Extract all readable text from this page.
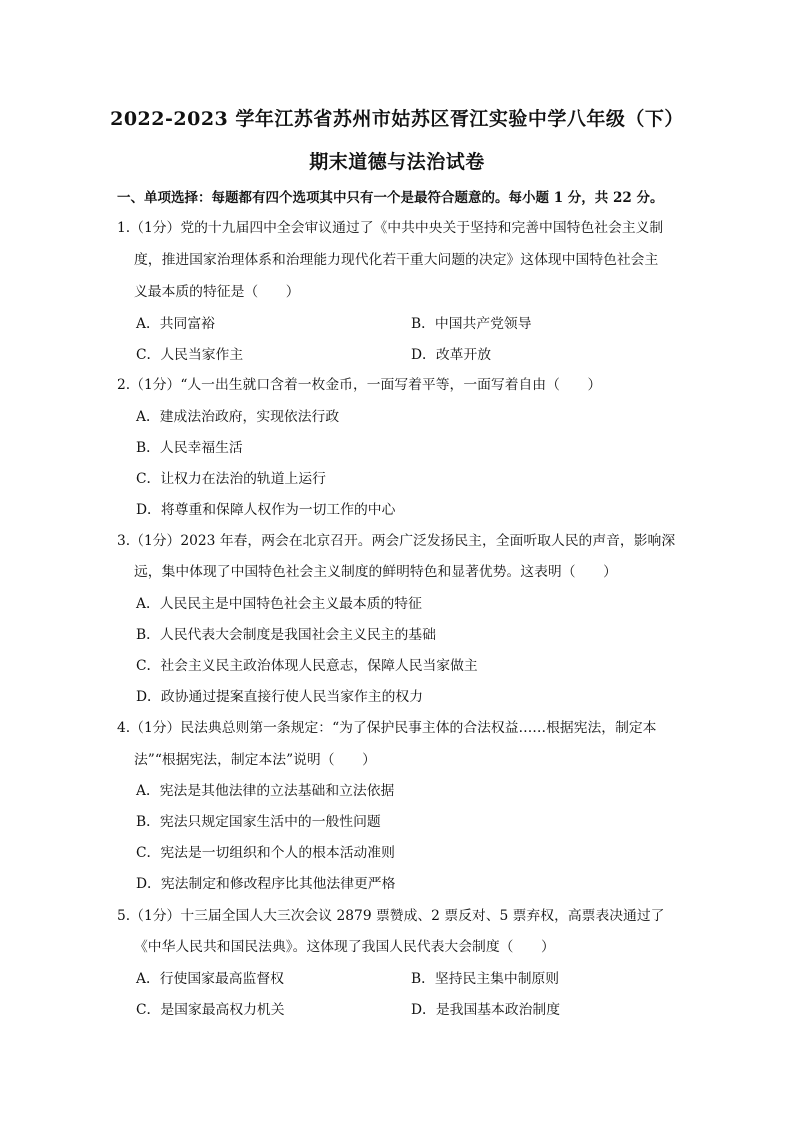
2022-2023 学年江苏省苏州市姑苏区胥江实验中学八年级（下）
期末道德与法治试卷
一、单项选择：每题都有四个选项其中只有一个是最符合题意的。每小题 1 分，共 22 分。
1.（1分）党的十九届四中全会审议通过了《中共中央关于坚持和完善中国特色社会主义制
度，推进国家治理体系和治理能力现代化若干重大问题的决定》这体现中国特色社会主
义最本质的特征是（　　）
A．共同富裕	B．中国共产党领导
C．人民当家作主	D．改革开放
2.（1分）“人一出生就口含着一枚金币，一面写着平等，一面写着自由（　　）
A．建成法治政府，实现依法行政
B．人民幸福生活
C．让权力在法治的轨道上运行
D．将尊重和保障人权作为一切工作的中心
3.（1分）2023 年春，两会在北京召开。两会广泛发扬民主，全面听取人民的声音，影响深
远，集中体现了中国特色社会主义制度的鲜明特色和显著优势。这表明（　　）
A．人民民主是中国特色社会主义最本质的特征
B．人民代表大会制度是我国社会主义民主的基础
C．社会主义民主政治体现人民意志，保障人民当家做主
D．政协通过提案直接行使人民当家作主的权力
4.（1分）民法典总则第一条规定：“为了保护民事主体的合法权益……根据宪法，制定本
法”“根据宪法，制定本法”说明（　　）
A．宪法是其他法律的立法基础和立法依据
B．宪法只规定国家生活中的一般性问题
C．宪法是一切组织和个人的根本活动准则
D．宪法制定和修改程序比其他法律更严格
5.（1分）十三届全国人大三次会议 2879 票赞成、2 票反对、5 票弃权，高票表决通过了
《中华人民共和国民法典》。这体现了我国人民代表大会制度（　　）
A．行使国家最高监督权	B．坚持民主集中制原则
C．是国家最高权力机关	D．是我国基本政治制度
